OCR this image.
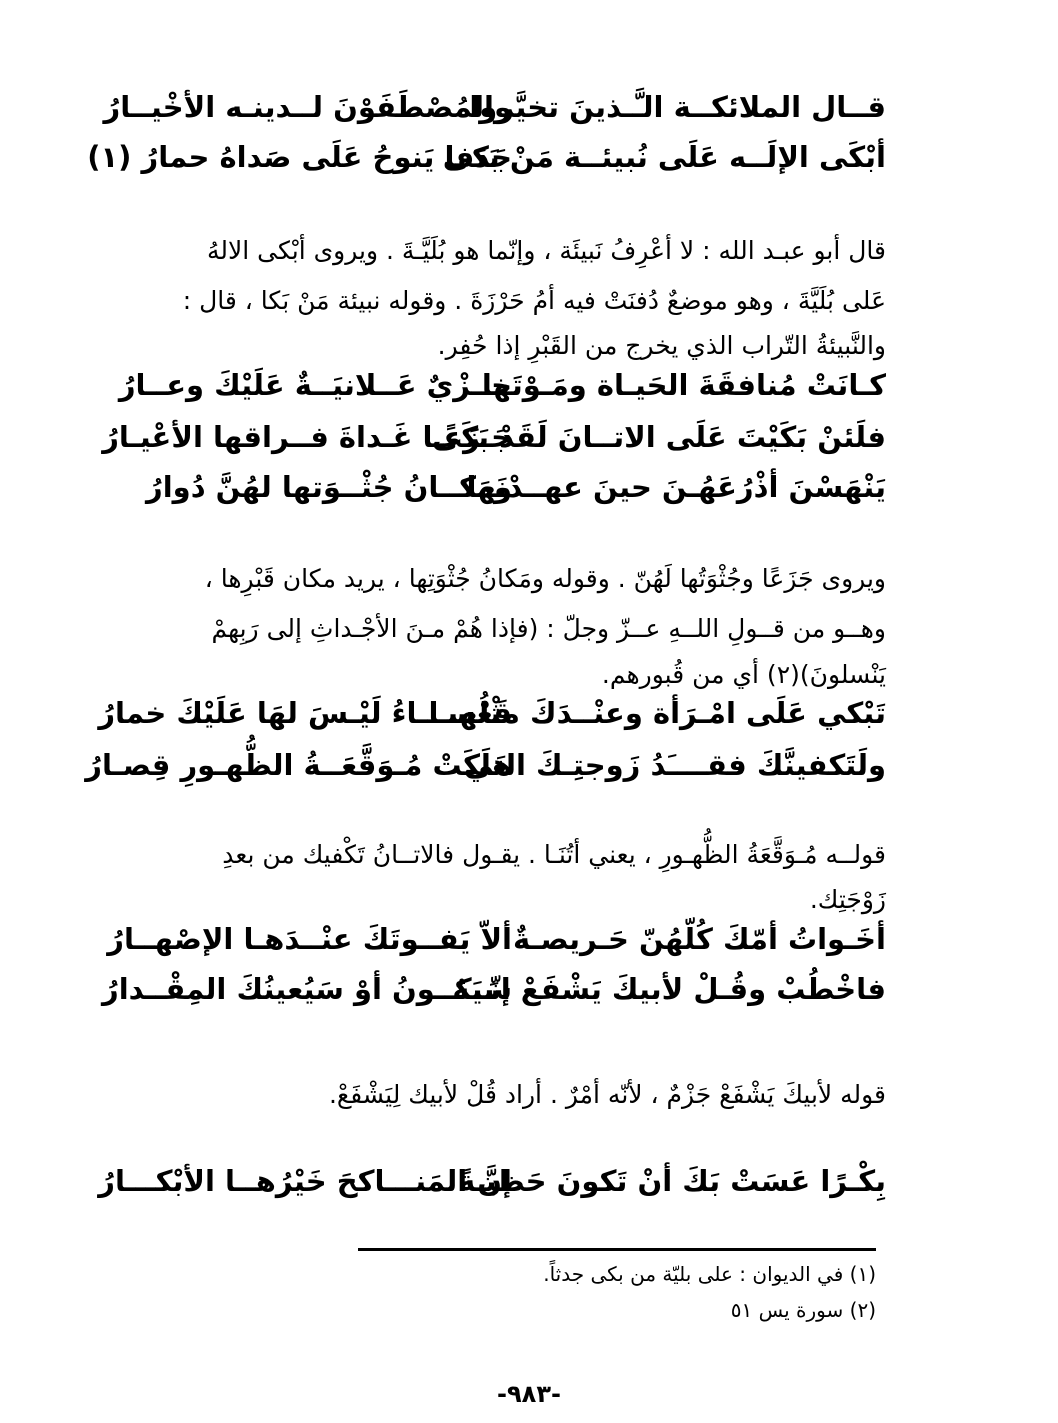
قــال الملائكــة الـَّـذينَ تخيَّروا
والمُصْطَفَوْنَ لــدينـه الأخْيــارُ
أبْكَى الإلَــه عَلَى نُبيئــة مَنْ بَكى
جَدَفا يَنوحُ عَلَى صَداهُ حمارُ (١)
قال أبو عبـد الله : لا أعْرِفُ نَبيئَة ، وإنّما هو بُلَيَّـةَ . ويروى أبْكى الالهُ
عَلى بُلَيَّةَ ، وهو موضعٌ دُفنَتْ فيه أمُ حَرْزَةَ . وقوله نبيئة مَنْ بَكا ، قال :
والنَّبيئةُ التّراب الذي يخرج من القَبْرِ إذا حُفِر.
كـانَتْ مُنافقَةَ الحَيـاة ومَـوْتَها
خــزْيٌ عَــلانيَــةٌ عَلَيْكَ وعــارُ
فلَئنْ بَكَيْتَ عَلَى الاتــانَ لَقَدْ بَكَى
جَـزَعًـا غَـداةَ فــراقها الأعْيـارُ
يَنْهَسْنَ أذْرُعَهُـنَ حينَ عهــدْنَها
ومَكــانُ جُثْــوَتها لهُنَّ دُوارُ
ويروى جَزَعًا وجُثْوَتُها لَهُنّ . وقوله ومَكانُ جُثْوَتِها ، يريد مكان قَبْرِها ،
وهــو من قــولِ اللــهِ عــزّ وجلّ : (فإذا هُمْ مـنَ الأجْـداثِ إلى رَبِهمْ
يَنْسلونَ)(٢) أي من قُبورهم.
تَبْكي عَلَى امْـرَأة وعنْــدَكَ مثْلُهــا
قَعْســـاءُ لَيْـسَ لهَا عَلَيْكَ خمارُ
ولَتَكفينَّكَ فقــــَدُ زَوجتِـكَ التي
هَلَكَتْ مُـوَقَّعَــةُ الظُّهـورِ قِصـارُ
قولــه مُـوَقَّعَةُ الظُّهـورِ ، يعني أتُنَـا . يقـول فالاتــانُ تَكْفيك من بعدِ
زَوْجَتِك.
أخَـواتُ أمّكَ كُلّهُنّ حَـريصـةٌ
ألاّ يَفــوتَكَ عنْــدَهـا الإصْهــارُ
فاخْطُبْ وقُـلْ لأبيكَ يَشْفَعْ إنّــهُ
سَيَكــونُ أوْ سَيُعينُكَ المِقْــدارُ
قوله لأبيكَ يَشْفَعْ جَزْمٌ ، لأنّه أمْرٌ . أراد قُلْ لأبيك لِيَشْفَعْ.
بِكْـرًا عَسَتْ بَكَ أنْ تَكونَ حَظيَّـةً
إن المَنـــاكحَ خَيْرُهــا الأبْكـــارُ
(١) في الديوان : على بليّة من بكى جدثاً.
(٢) سورة يس ٥١
-٩٨٣-
